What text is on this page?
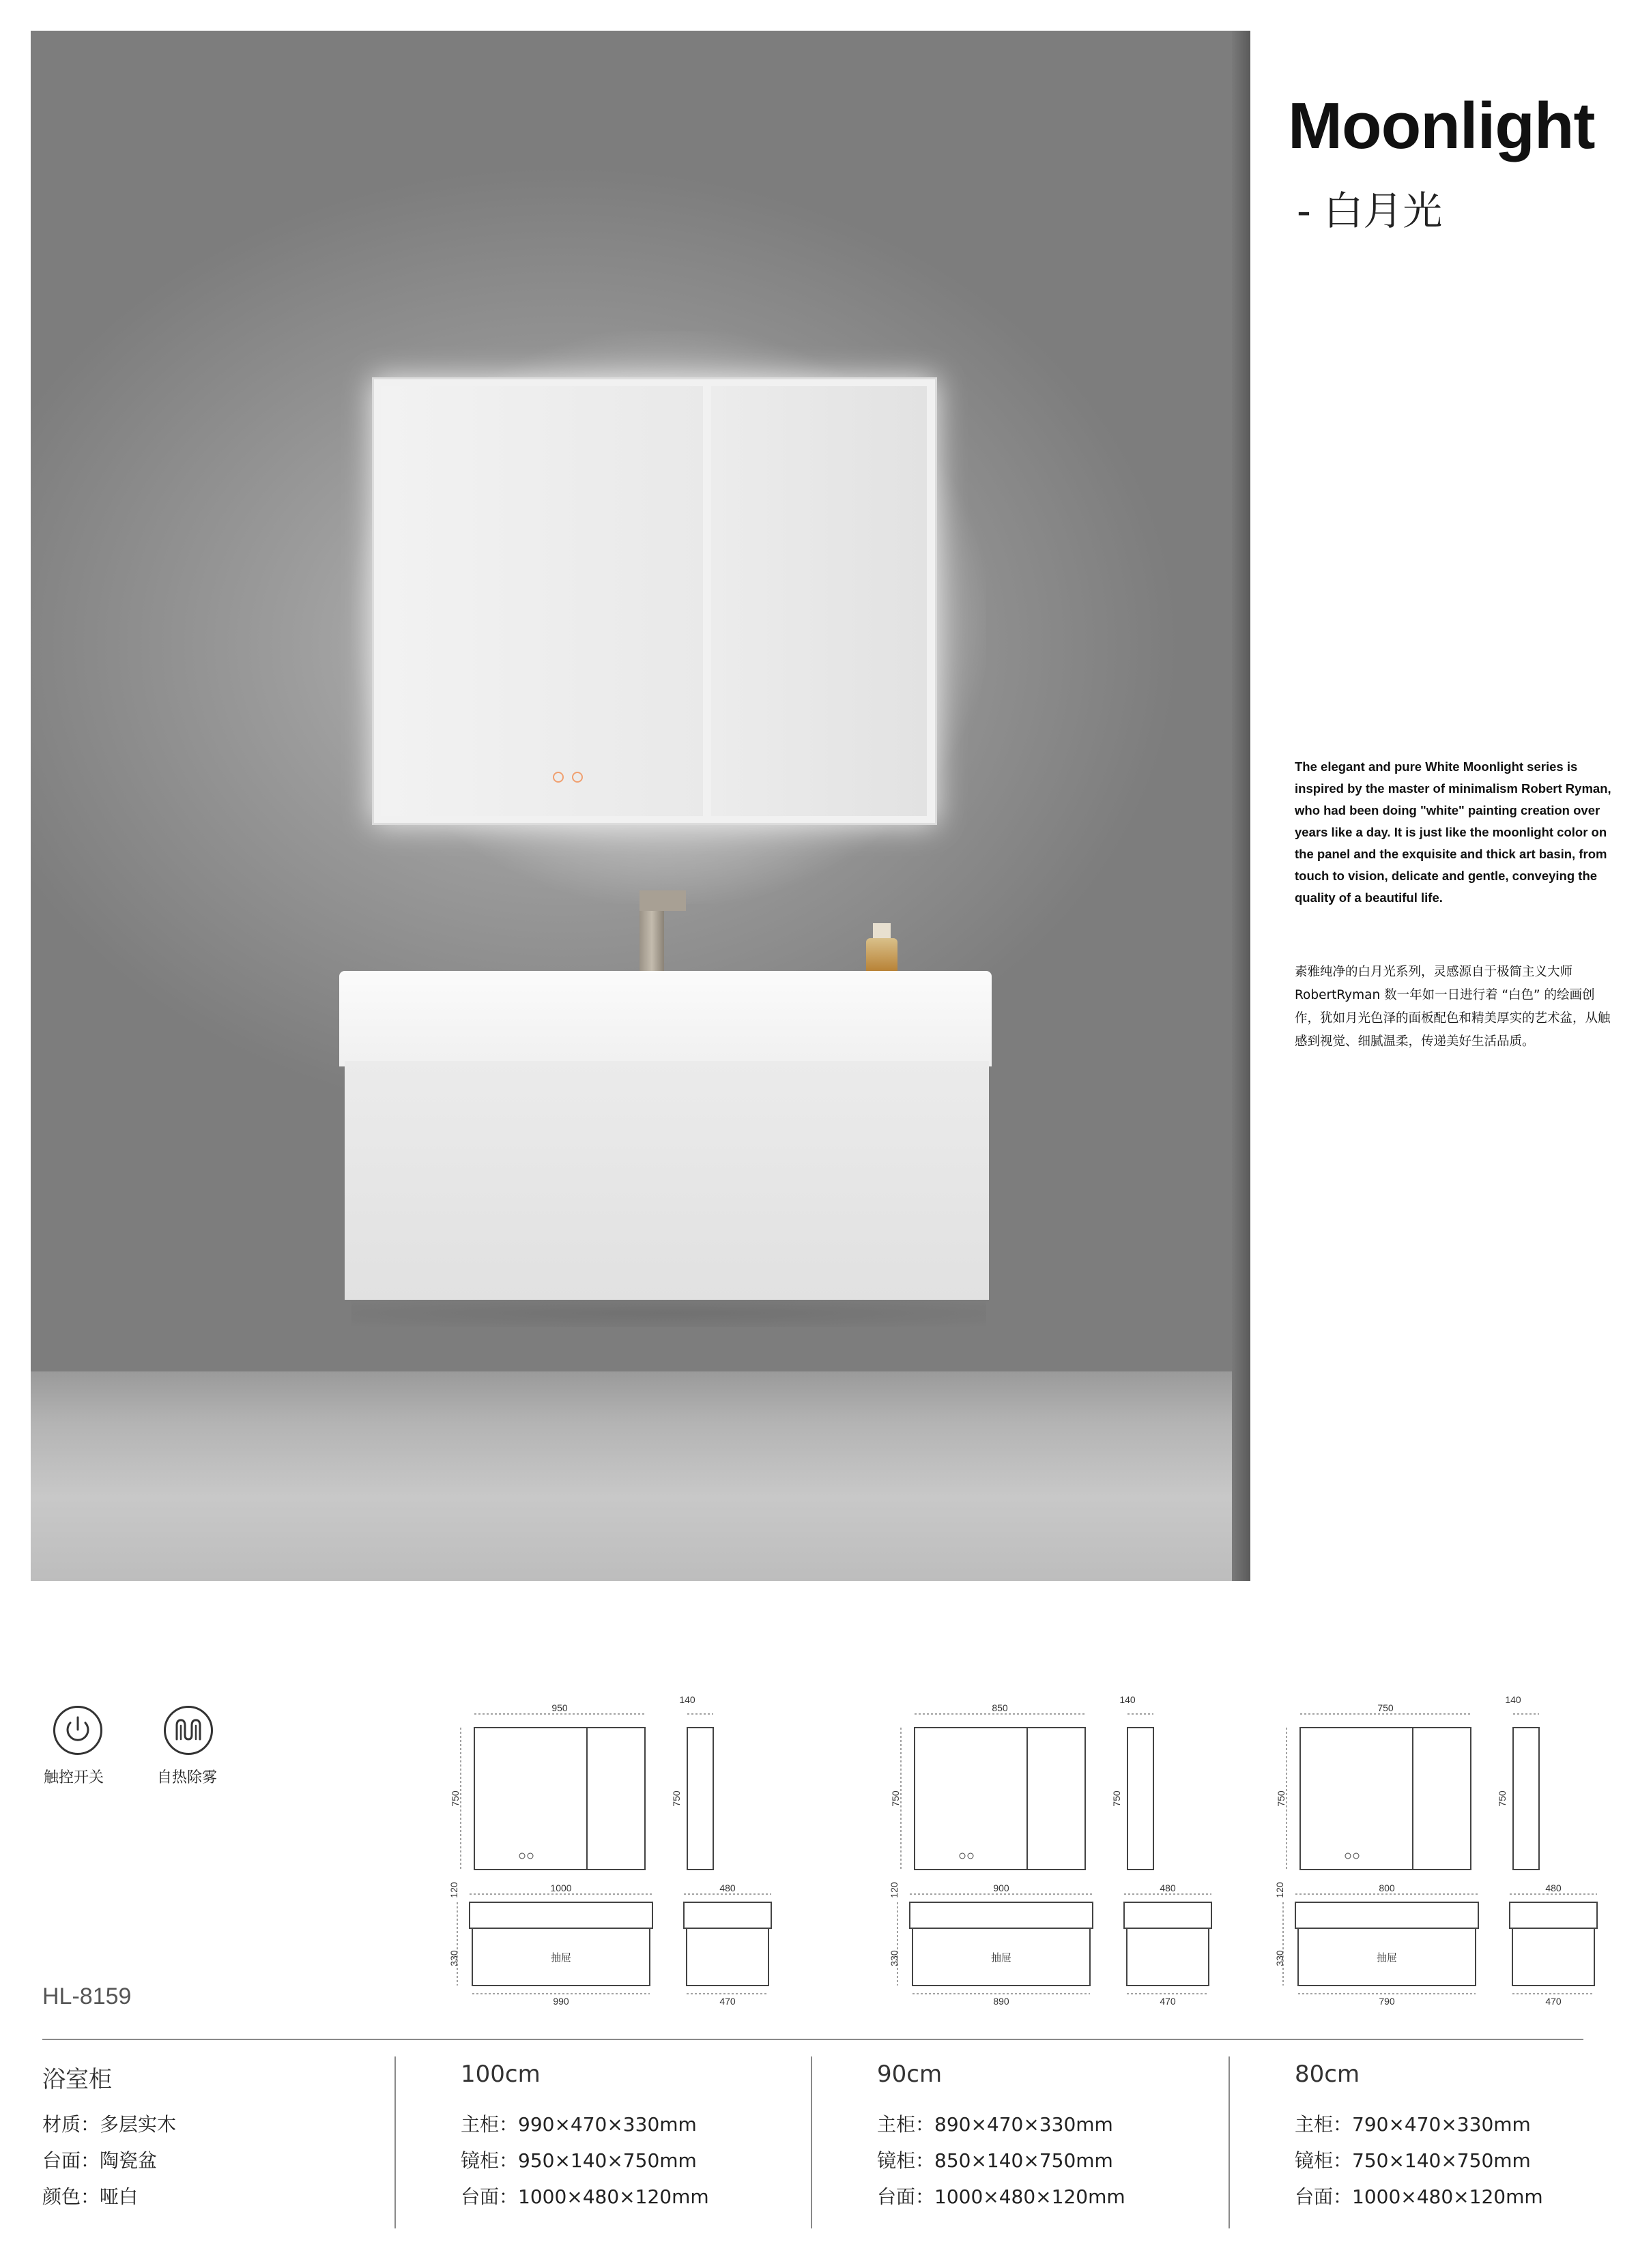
Moonlight
- 白月光
The elegant and pure White Moonlight series is inspired by the master of minimalism Robert Ryman, who had been doing "white" painting creation over years like a day. It is just like the moonlight color on the panel and the exquisite and thick art basin, from touch to vision, delicate and gentle, conveying the quality of a beautiful life.
素雅纯净的白月光系列，灵感源自于极简主义大师 RobertRyman 数一年如一日进行着 “白色” 的绘画创作，犹如月光色泽的面板配色和精美厚实的艺术盆，从触感到视觉、细腻温柔，传递美好生活品质。
触控开关	自热除雾
950
750
140
750
1000
120
330	抽屉
990
480
470
850
750
140
750
900
120
330	抽屉
890
480
470
750
750
140
750
800
120
330	抽屉
790
480
470
HL-8159
浴室柜
材质：多层实木
台面：陶瓷盆
颜色：哑白
100cm
主柜：990×470×330mm
镜柜：950×140×750mm
台面：1000×480×120mm
90cm
主柜：890×470×330mm
镜柜：850×140×750mm
台面：1000×480×120mm
80cm
主柜：790×470×330mm
镜柜：750×140×750mm
台面：1000×480×120mm
